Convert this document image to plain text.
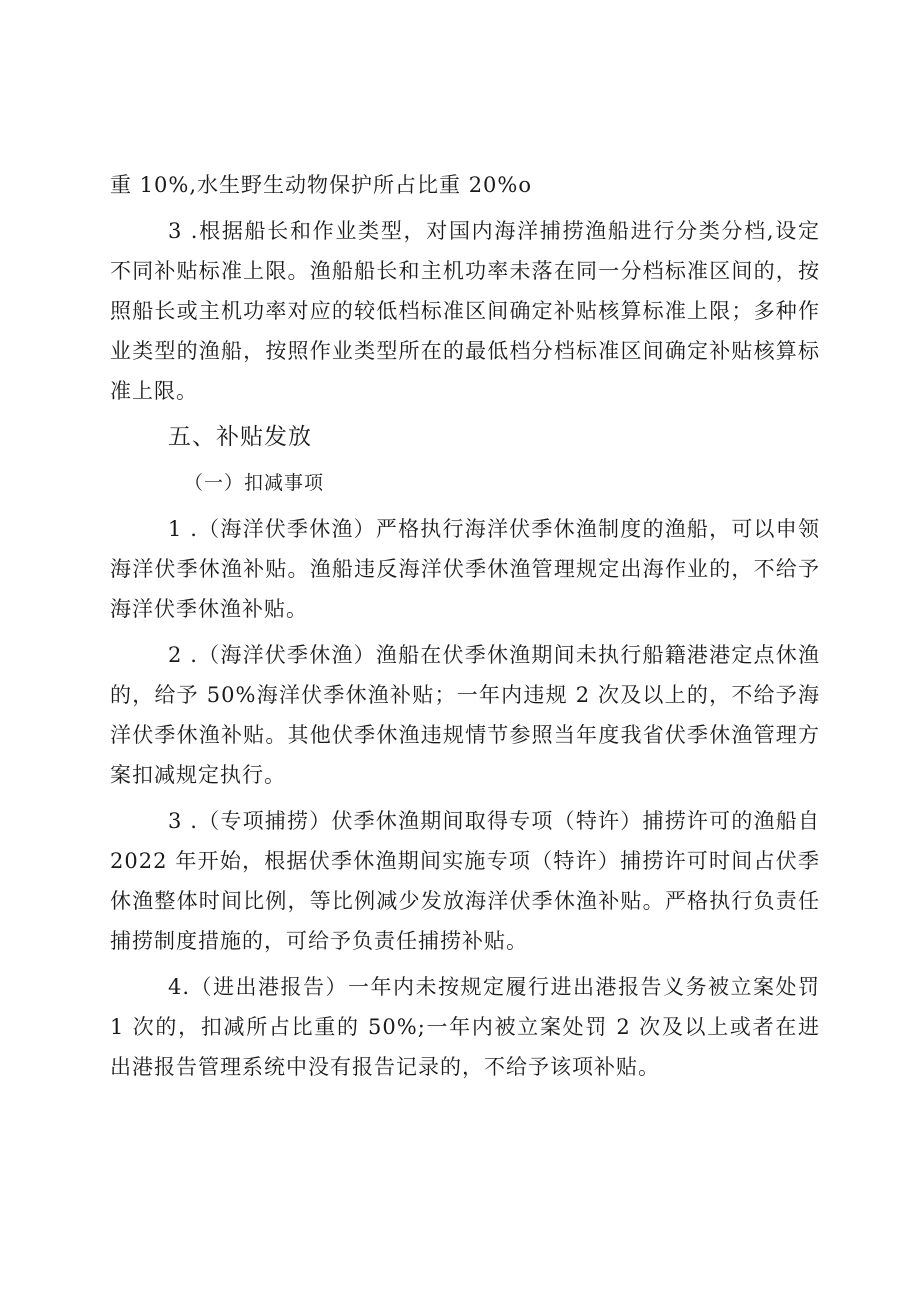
重 10%,水生野生动物保护所占比重 20%o

3 .根据船长和作业类型，对国内海洋捕捞渔船进行分类分档,设定不同补贴标准上限。渔船船长和主机功率未落在同一分档标准区间的，按照船长或主机功率对应的较低档标准区间确定补贴核算标准上限；多种作业类型的渔船，按照作业类型所在的最低档分档标准区间确定补贴核算标准上限。

五、补贴发放
（一）扣减事项

1 .（海洋伏季休渔）严格执行海洋伏季休渔制度的渔船，可以申领海洋伏季休渔补贴。渔船违反海洋伏季休渔管理规定出海作业的，不给予海洋伏季休渔补贴。

2 .（海洋伏季休渔）渔船在伏季休渔期间未执行船籍港港定点休渔的，给予 50%海洋伏季休渔补贴；一年内违规 2 次及以上的，不给予海洋伏季休渔补贴。其他伏季休渔违规情节参照当年度我省伏季休渔管理方案扣减规定执行。

3 .（专项捕捞）伏季休渔期间取得专项（特许）捕捞许可的渔船自 2022 年开始，根据伏季休渔期间实施专项（特许）捕捞许可时间占伏季休渔整体时间比例，等比例减少发放海洋伏季休渔补贴。严格执行负责任捕捞制度措施的，可给予负责任捕捞补贴。

4.（进出港报告）一年内未按规定履行进出港报告义务被立案处罚 1 次的，扣减所占比重的 50%;一年内被立案处罚 2 次及以上或者在进出港报告管理系统中没有报告记录的，不给予该项补贴。
